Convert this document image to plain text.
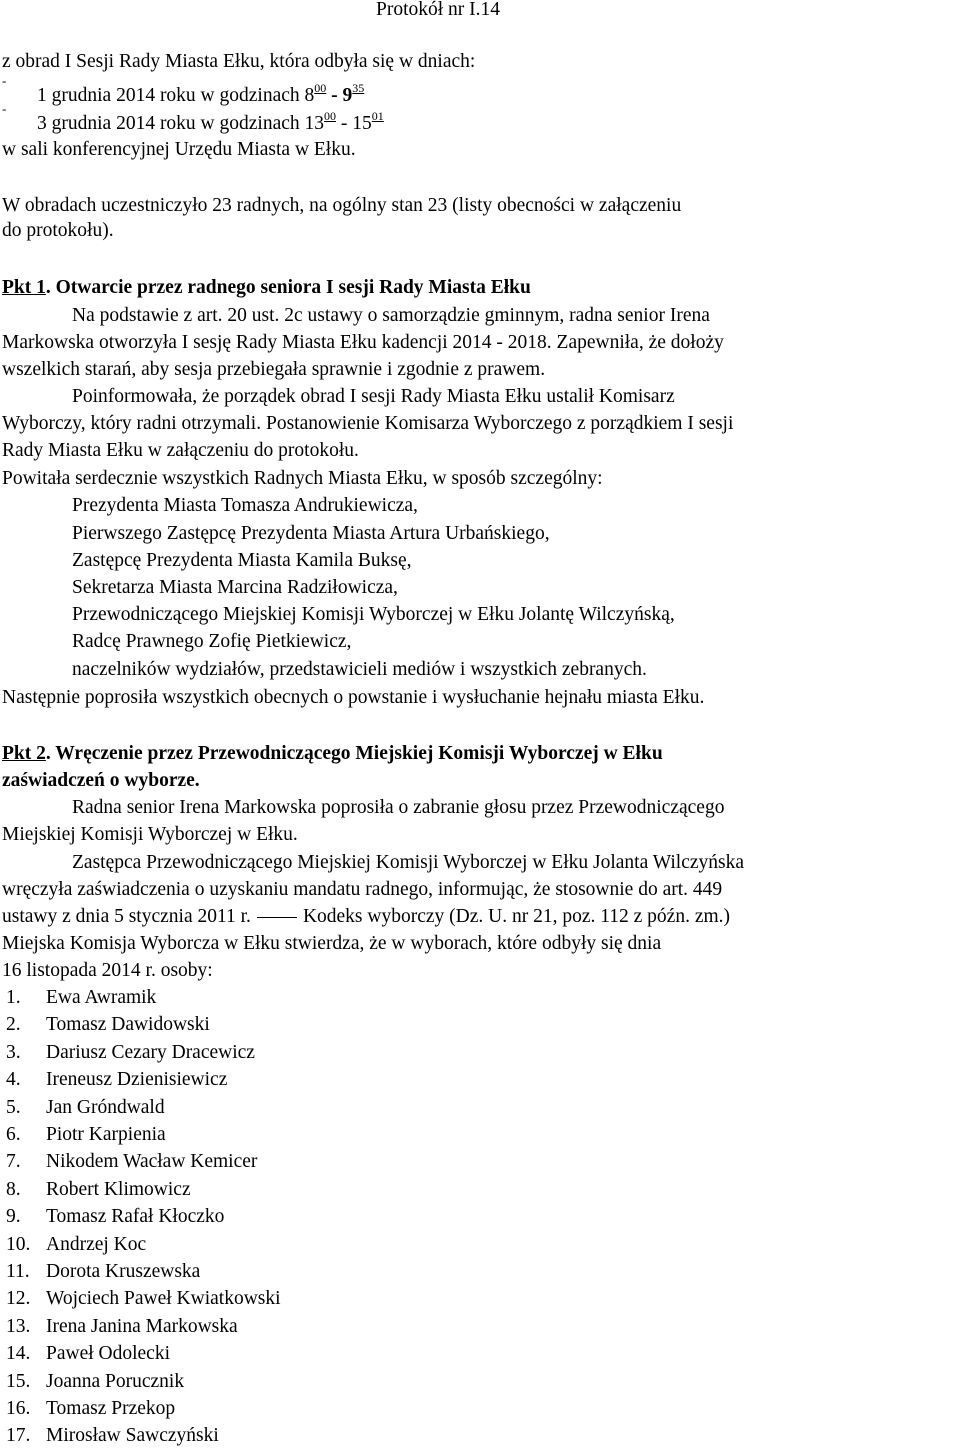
Protokół nr I.14
z obrad I Sesji Rady Miasta Ełku, która odbyła się w dniach:
-
1 grudnia 2014 roku w godzinach $8^{00} - 9^{35}$
-
3 grudnia 2014 roku w godzinach $13^{00} - 15^{01}$
w sali konferencyjnej Urzędu Miasta w Ełku.
W obradach uczestniczyło 23 radnych, na ogólny stan 23 (listy obecności w załączeniu
do protokołu).
Pkt 1. Otwarcie przez radnego seniora I sesji Rady Miasta Ełku
Na podstawie z art. 20 ust. 2c ustawy o samorządzie gminnym, radna senior Irena
Markowska otworzyła I sesję Rady Miasta Ełku kadencji 2014 - 2018. Zapewniła, że dołoży
wszelkich starań, aby sesja przebiegała sprawnie i zgodnie z prawem.
Poinformowała, że porządek obrad I sesji Rady Miasta Ełku ustalił Komisarz
Wyborczy, który radni otrzymali. Postanowienie Komisarza Wyborczego z porządkiem I sesji
Rady Miasta Ełku w załączeniu do protokołu.
Powitała serdecznie wszystkich Radnych Miasta Ełku, w sposób szczególny:
Prezydenta Miasta Tomasza Andrukiewicza,
Pierwszego Zastępcę Prezydenta Miasta Artura Urbańskiego,
Zastępcę Prezydenta Miasta Kamila Buksę,
Sekretarza Miasta Marcina Radziłowicza,
Przewodniczącego Miejskiej Komisji Wyborczej w Ełku Jolantę Wilczyńską,
Radcę Prawnego Zofię Pietkiewicz,
naczelników wydziałów, przedstawicieli mediów i wszystkich zebranych.
Następnie poprosiła wszystkich obecnych o powstanie i wysłuchanie hejnału miasta Ełku.
Pkt 2. Wręczenie przez Przewodniczącego Miejskiej Komisji Wyborczej w Ełku
zaświadczeń o wyborze.
Radna senior Irena Markowska poprosiła o zabranie głosu przez Przewodniczącego
Miejskiej Komisji Wyborczej w Ełku.
Zastępca Przewodniczącego Miejskiej Komisji Wyborczej w Ełku Jolanta Wilczyńska
wręczyła zaświadczenia o uzyskaniu mandatu radnego, informując, że stosownie do art. 449
ustawy z dnia 5 stycznia 2011 r.	Kodeks wyborczy (Dz. U. nr 21, poz. 112 z późn. zm.)
Miejska Komisja Wyborcza w Ełku stwierdza, że w wyborach, które odbyły się dnia
16 listopada 2014 r. osoby:
1. Ewa Awramik
2. Tomasz Dawidowski
3. Dariusz Cezary Dracewicz
4. Ireneusz Dzienisiewicz
5. Jan Gróndwald
6. Piotr Karpienia
7. Nikodem Wacław Kemicer
8. Robert Klimowicz
9. Tomasz Rafał Kłoczko
10. Andrzej Koc
11. Dorota Kruszewska
12. Wojciech Paweł Kwiatkowski
13. Irena Janina Markowska
14. Paweł Odolecki
15. Joanna Porucznik
16. Tomasz Przekop
17. Mirosław Sawczyński
